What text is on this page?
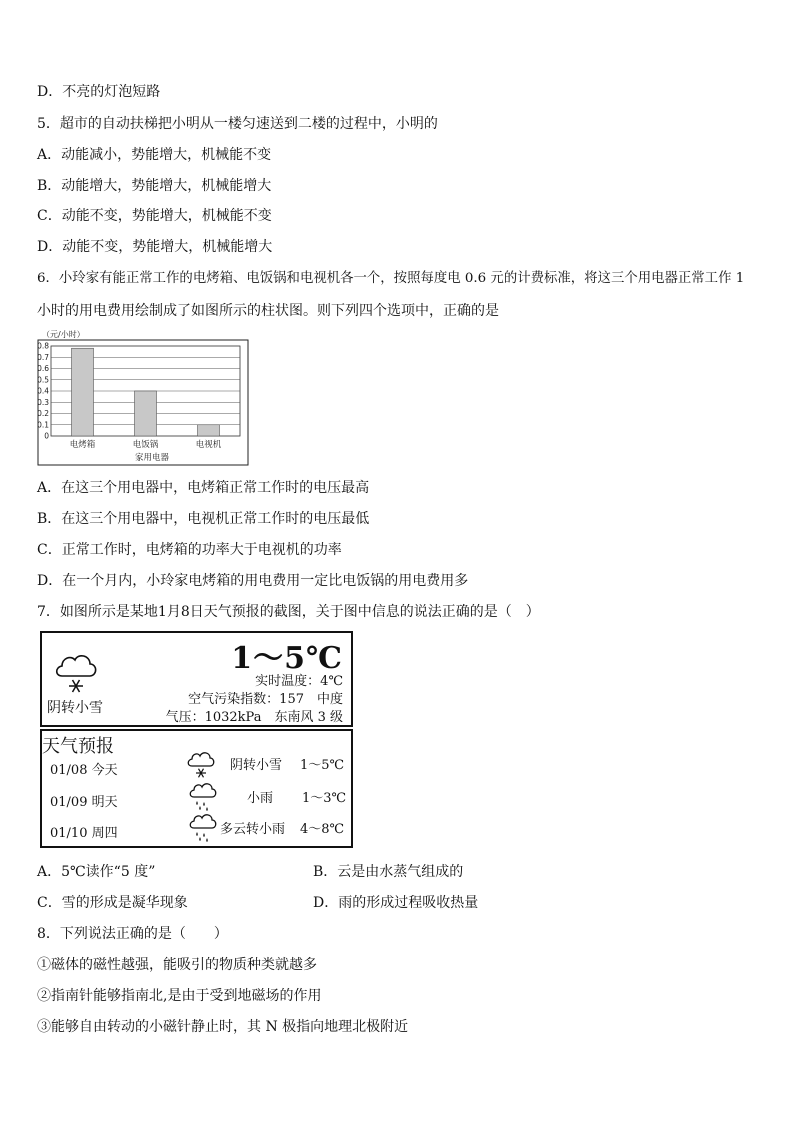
D．不亮的灯泡短路
5．超市的自动扶梯把小明从一楼匀速送到二楼的过程中，小明的
A．动能减小，势能增大，机械能不变
B．动能增大，势能增大，机械能增大
C．动能不变，势能增大，机械能不变
D．动能不变，势能增大，机械能增大
6．小玲家有能正常工作的电烤箱、电饭锅和电视机各一个，按照每度电 0.6 元的计费标准，将这三个用电器正常工作 1
小时的用电费用绘制成了如图所示的柱状图。则下列四个选项中，正确的是
（元/小时）
0
0.1
0.2
0.3
0.4
0.5
0.6
0.7
0.8
电烤箱	电饭锅	电视机
家用电器
A．在这三个用电器中，电烤箱正常工作时的电压最高
B．在这三个用电器中，电视机正常工作时的电压最低
C．正常工作时，电烤箱的功率大于电视机的功率
D．在一个月内，小玲家电烤箱的用电费用一定比电饭锅的用电费用多
7．如图所示是某地1月8日天气预报的截图，关于图中信息的说法正确的是（　）
阴转小雪
1～5℃
实时温度：4℃
空气污染指数：157　中度
气压：1032kPa　东南风 3 级
天气预报
01/08 今天	阴转小雪 1～5℃
01/09 明天	小雨 1～3℃
01/10 周四	多云转小雨 4～8℃
A．5℃读作“5 度”	B．云是由水蒸气组成的
C．雪的形成是凝华现象	D．雨的形成过程吸收热量
8．下列说法正确的是（　　）
①磁体的磁性越强，能吸引的物质种类就越多
②指南针能够指南北,是由于受到地磁场的作用
③能够自由转动的小磁针静止时，其 N 极指向地理北极附近
